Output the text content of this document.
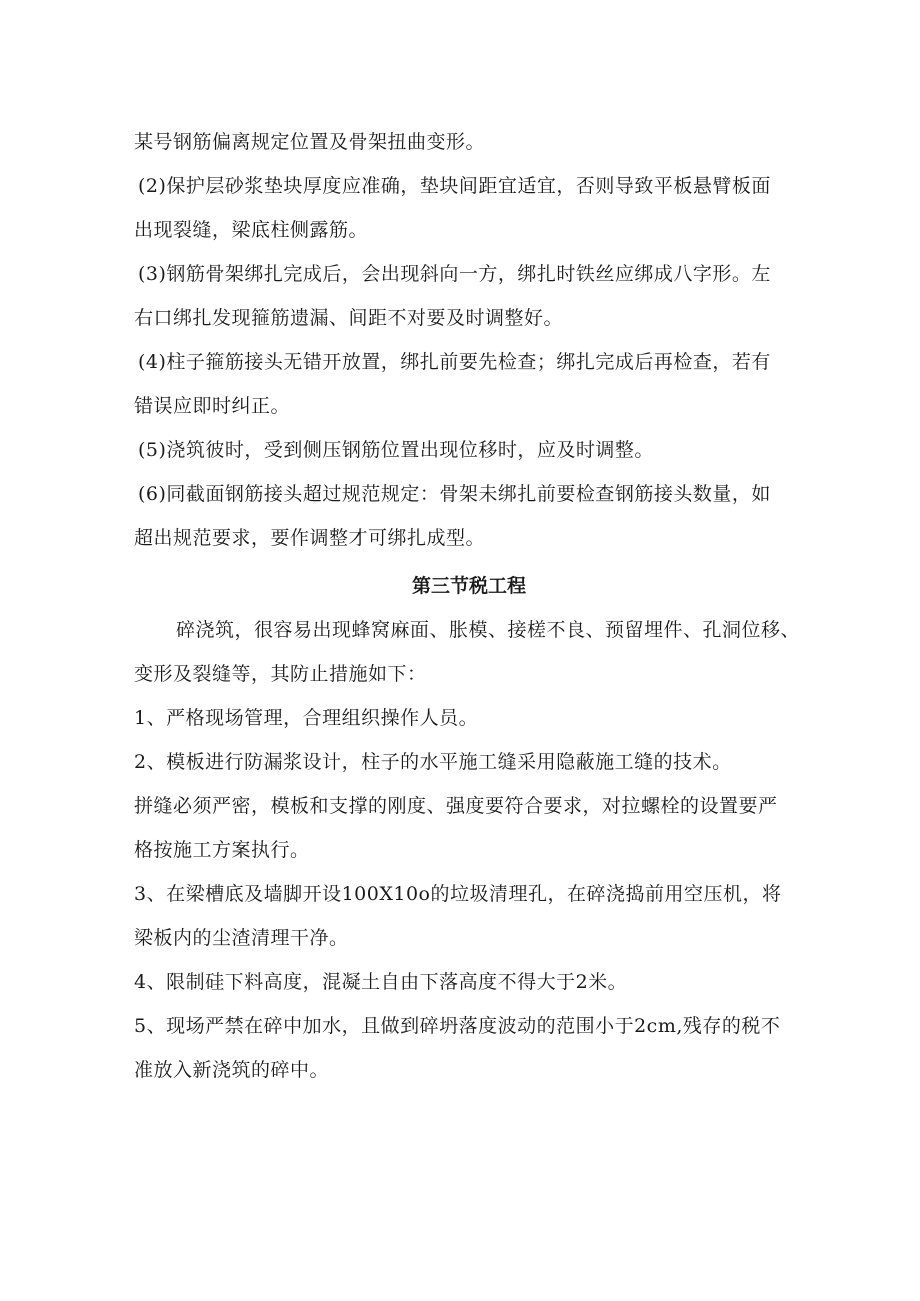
某号钢筋偏离规定位置及骨架扭曲变形。
(2)保护层砂浆垫块厚度应准确，垫块间距宜适宜，否则导致平板悬臂板面
出现裂缝，梁底柱侧露筋。
(3)钢筋骨架绑扎完成后，会出现斜向一方，绑扎时铁丝应绑成八字形。左
右口绑扎发现箍筋遗漏、间距不对要及时调整好。
(4)柱子箍筋接头无错开放置，绑扎前要先检查；绑扎完成后再检查，若有
错误应即时纠正。
(5)浇筑彼时，受到侧压钢筋位置出现位移时，应及时调整。
(6)同截面钢筋接头超过规范规定：骨架未绑扎前要检查钢筋接头数量，如
超出规范要求，要作调整才可绑扎成型。
第三节税工程
碎浇筑，很容易出现蜂窝麻面、胀模、接槎不良、预留埋件、孔洞位移、
变形及裂缝等，其防止措施如下：
1、严格现场管理，合理组织操作人员。
2、模板进行防漏浆设计，柱子的水平施工缝采用隐蔽施工缝的技术。
拼缝必须严密，模板和支撑的刚度、强度要符合要求，对拉螺栓的设置要严
格按施工方案执行。
3、在梁槽底及墙脚开设100X10o的垃圾清理孔，在碎浇捣前用空压机，将
梁板内的尘渣清理干净。
4、限制硅下料高度，混凝土自由下落高度不得大于2米。
5、现场严禁在碎中加水，且做到碎坍落度波动的范围小于2cm,残存的税不
准放入新浇筑的碎中。
